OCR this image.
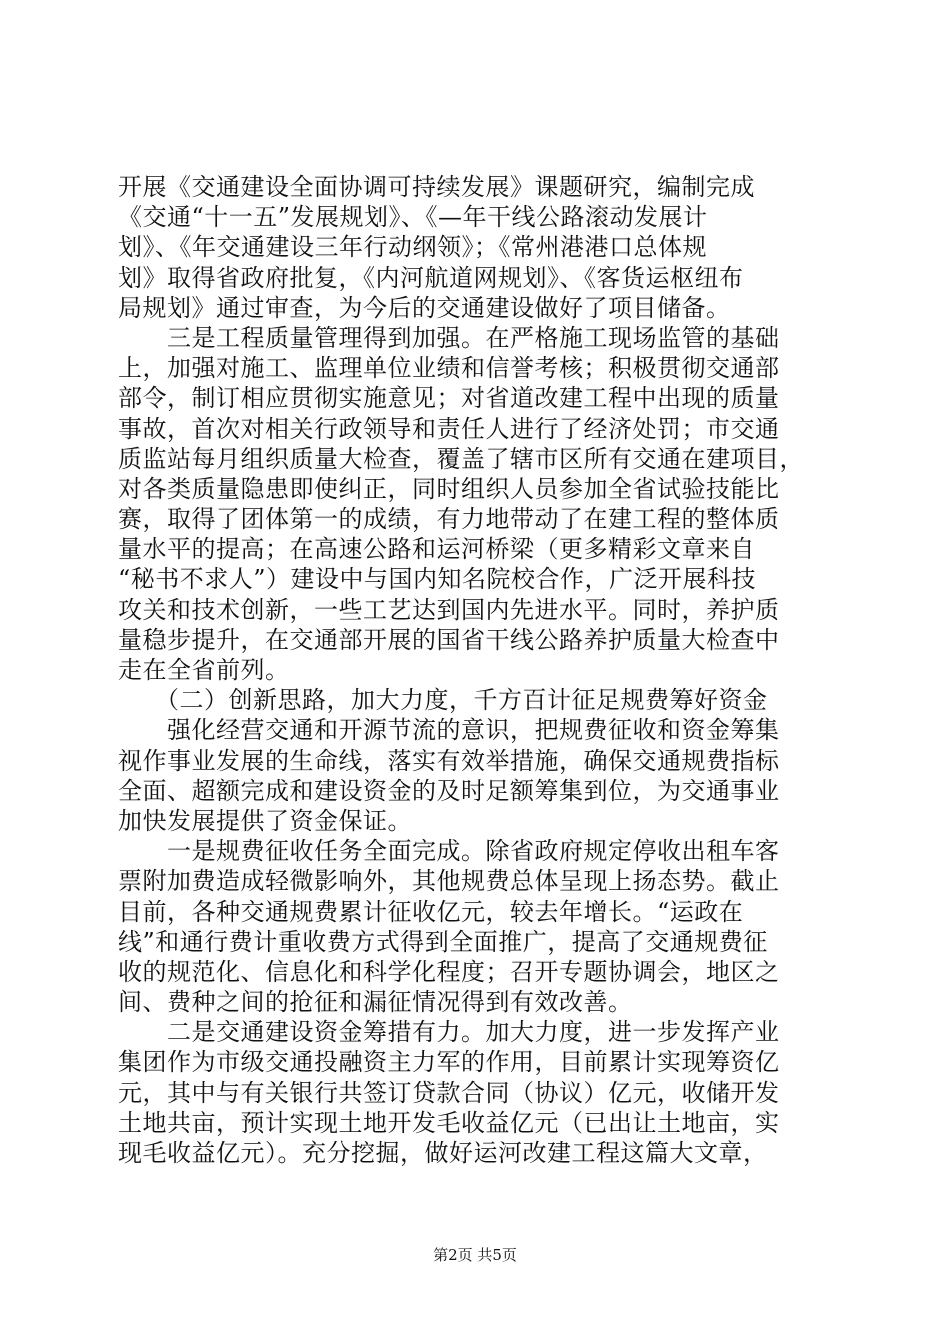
开展《交通建设全面协调可持续发展》课题研究，编制完成
《交通“十一五”发展规划》、《—年干线公路滚动发展计
划》、《年交通建设三年行动纲领》；《常州港港口总体规
划》取得省政府批复，《内河航道网规划》、《客货运枢纽布
局规划》通过审查，为今后的交通建设做好了项目储备。
　　三是工程质量管理得到加强。在严格施工现场监管的基础
上，加强对施工、监理单位业绩和信誉考核；积极贯彻交通部
部令，制订相应贯彻实施意见；对省道改建工程中出现的质量
事故，首次对相关行政领导和责任人进行了经济处罚；市交通
质监站每月组织质量大检查，覆盖了辖市区所有交通在建项目，
对各类质量隐患即使纠正，同时组织人员参加全省试验技能比
赛，取得了团体第一的成绩，有力地带动了在建工程的整体质
量水平的提高；在高速公路和运河桥梁（更多精彩文章来自
“秘书不求人”）建设中与国内知名院校合作，广泛开展科技
攻关和技术创新，一些工艺达到国内先进水平。同时，养护质
量稳步提升，在交通部开展的国省干线公路养护质量大检查中
走在全省前列。
　　（二）创新思路，加大力度，千方百计征足规费筹好资金
　　强化经营交通和开源节流的意识，把规费征收和资金筹集
视作事业发展的生命线，落实有效举措施，确保交通规费指标
全面、超额完成和建设资金的及时足额筹集到位，为交通事业
加快发展提供了资金保证。
　　一是规费征收任务全面完成。除省政府规定停收出租车客
票附加费造成轻微影响外，其他规费总体呈现上扬态势。截止
目前，各种交通规费累计征收亿元，较去年增长。“运政在
线”和通行费计重收费方式得到全面推广，提高了交通规费征
收的规范化、信息化和科学化程度；召开专题协调会，地区之
间、费种之间的抢征和漏征情况得到有效改善。
　　二是交通建设资金筹措有力。加大力度，进一步发挥产业
集团作为市级交通投融资主力军的作用，目前累计实现筹资亿
元，其中与有关银行共签订贷款合同（协议）亿元，收储开发
土地共亩，预计实现土地开发毛收益亿元（已出让土地亩，实
现毛收益亿元）。充分挖掘，做好运河改建工程这篇大文章，
第2页 共5页
